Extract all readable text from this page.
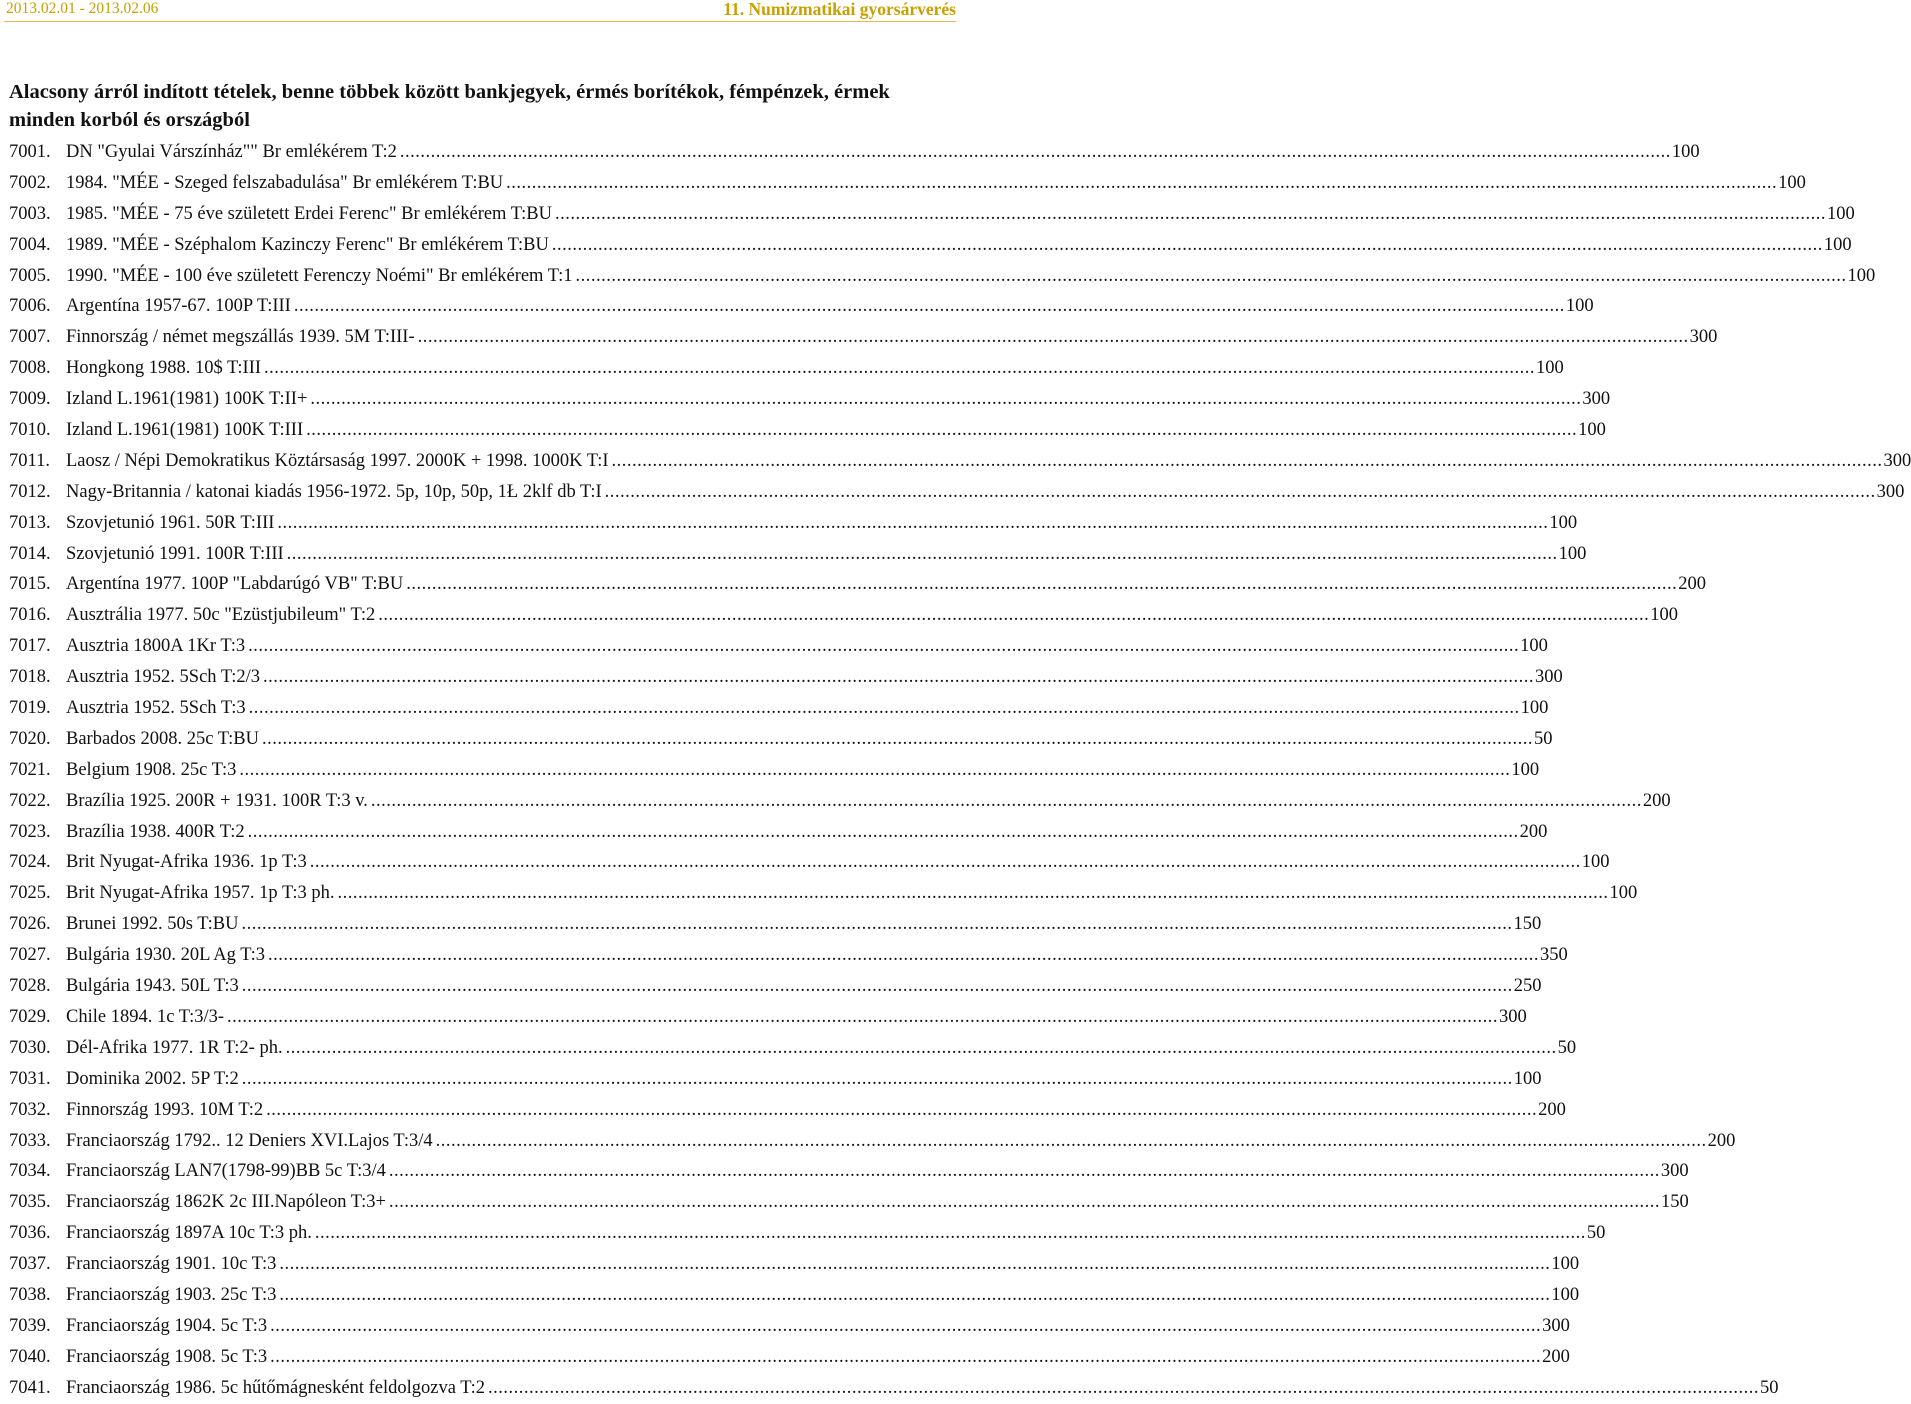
2013.02.01 - 2013.02.06	11. Numizmatikai gyorsárverés
Alacsony árról indított tételek, benne többek között bankjegyek, érmés borítékok, fémpénzek, érmek minden korból és országból
7001. DN "Gyulai Várszínház"" Br emlékérem T:2 .....	100
7002. 1984. "MÉE - Szeged felszabadulása" Br emlékérem T:BU .....	100
7003. 1985. "MÉE - 75 éve született Erdei Ferenc" Br emlékérem T:BU .....	100
7004. 1989. "MÉE - Széphalom Kazinczy Ferenc" Br emlékérem T:BU .....	100
7005. 1990. "MÉE - 100 éve született Ferenczy Noémi" Br emlékérem T:1 .....	100
7006. Argentína 1957-67. 100P T:III .....	100
7007. Finnország / német megszállás 1939. 5M T:III- .....	300
7008. Hongkong 1988. 10$ T:III .....	100
7009. Izland L.1961(1981) 100K T:II+ .....	300
7010. Izland L.1961(1981) 100K T:III .....	100
7011. Laosz / Népi Demokratikus Köztársaság 1997. 2000K + 1998. 1000K T:I .....	300
7012. Nagy-Britannia / katonai kiadás 1956-1972. 5p, 10p, 50p, 1Ł 2klf db T:I .....	300
7013. Szovjetunió 1961. 50R T:III .....	100
7014. Szovjetunió 1991. 100R T:III .....	100
7015. Argentína 1977. 100P "Labdarúgó VB" T:BU .....	200
7016. Ausztrália 1977. 50c "Ezüstjubileum" T:2 .....	100
7017. Ausztria 1800A 1Kr T:3 .....	100
7018. Ausztria 1952. 5Sch T:2/3 .....	300
7019. Ausztria 1952. 5Sch T:3 .....	100
7020. Barbados 2008. 25c T:BU .....	50
7021. Belgium 1908. 25c T:3 .....	100
7022. Brazília 1925. 200R + 1931. 100R T:3 v. .....	200
7023. Brazília 1938. 400R T:2 .....	200
7024. Brit Nyugat-Afrika 1936. 1p T:3 .....	100
7025. Brit Nyugat-Afrika 1957. 1p T:3 ph. .....	100
7026. Brunei 1992. 50s T:BU .....	150
7027. Bulgária 1930. 20L Ag T:3 .....	350
7028. Bulgária 1943. 50L T:3 .....	250
7029. Chile 1894. 1c T:3/3- .....	300
7030. Dél-Afrika 1977. 1R T:2- ph. .....	50
7031. Dominika 2002. 5P T:2 .....	100
7032. Finnország 1993. 10M T:2 .....	200
7033. Franciaország 1792.. 12 Deniers XVI.Lajos T:3/4 .....	200
7034. Franciaország LAN7(1798-99)BB 5c T:3/4 .....	300
7035. Franciaország 1862K 2c III.Napóleon T:3+ .....	150
7036. Franciaország 1897A 10c T:3 ph. .....	50
7037. Franciaország 1901. 10c T:3 .....	100
7038. Franciaország 1903. 25c T:3 .....	100
7039. Franciaország 1904. 5c T:3 .....	300
7040. Franciaország 1908. 5c T:3 .....	200
7041. Franciaország 1986. 5c hűtőmágnesként feldolgozva T:2 .....	50
